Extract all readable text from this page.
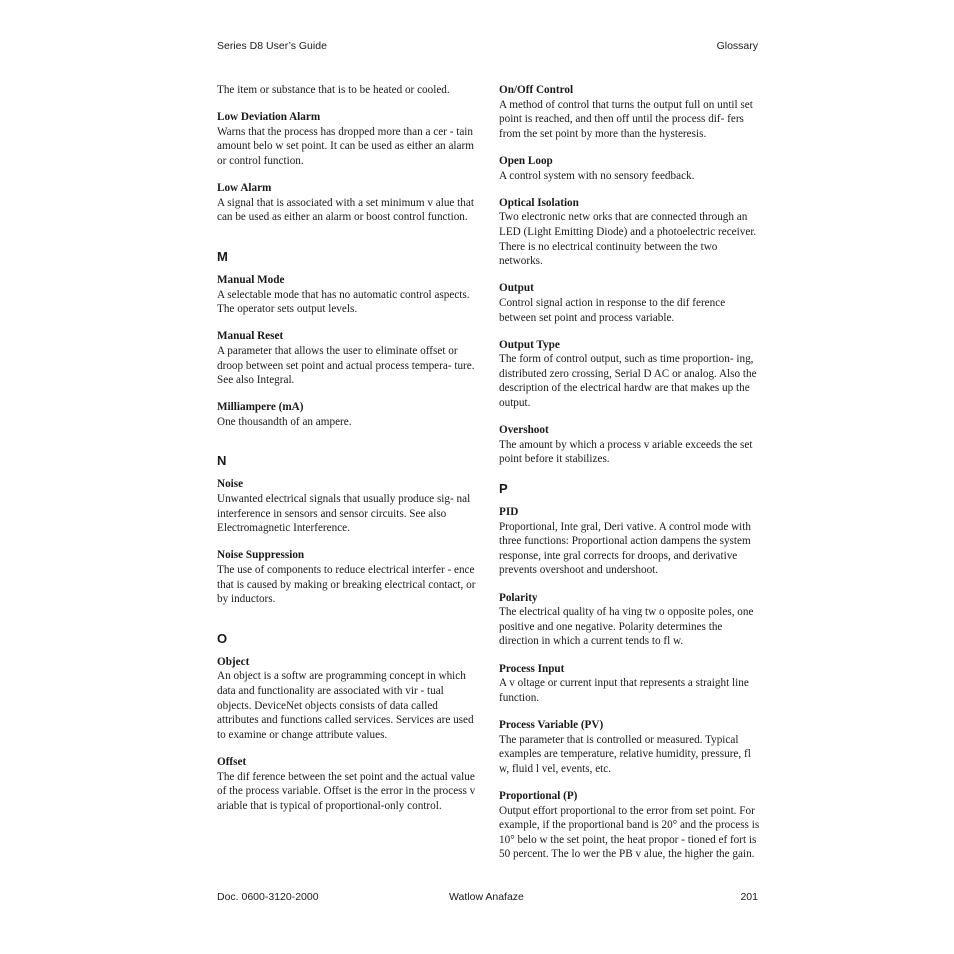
Series D8 User’s Guide	Glossary
The item or substance that is to be heated or cooled.
Low Deviation Alarm
Warns that the process has dropped more than a cer - tain amount belo w set point. It can be used as either an alarm or control function.
Low Alarm
A signal that is associated with a set minimum v alue that can be used as either an alarm or boost control function.
M
Manual Mode
A selectable mode that has no automatic control aspects. The operator sets output levels.
Manual Reset
A parameter that allows the user to eliminate offset or droop between set point and actual process tempera- ture. See also Integral.
Milliampere (mA)
One thousandth of an ampere.
N
Noise
Unwanted electrical signals that usually produce sig- nal interference in sensors and sensor circuits. See also Electromagnetic Interference.
Noise Suppression
The use of components to reduce electrical interfer - ence that is caused by making or breaking electrical contact, or by inductors.
O
Object
An object is a softw are programming concept in which data and functionality are associated with vir - tual objects. DeviceNet objects consists of data called attributes and functions called services. Services are used to examine or change attribute values.
Offset
The dif ference between the set point and the actual value of the process variable. Offset is the error in the process v ariable that is typical of proportional-only control.
On/Off Control
A method of control that turns the output full on until set point is reached, and then off until the process dif- fers from the set point by more than the hysteresis.
Open Loop
A control system with no sensory feedback.
Optical Isolation
Two electronic netw orks that are connected through an LED (Light Emitting Diode) and a photoelectric receiver. There is no electrical continuity between the two networks.
Output
Control signal action in response to the dif ference between set point and process variable.
Output Type
The form of control output, such as time proportion- ing, distributed zero crossing, Serial D AC or analog. Also the description of the electrical hardw are that makes up the output.
Overshoot
The amount by which a process v ariable exceeds the set point before it stabilizes.
P
PID
Proportional, Inte gral, Deri vative. A control mode with three functions: Proportional action dampens the system response, inte gral corrects for droops, and derivative prevents overshoot and undershoot.
Polarity
The electrical quality of ha ving tw o opposite poles, one positive and one negative. Polarity determines the direction in which a current tends to fl w.
Process Input
A v oltage or current input that represents a straight line function.
Process Variable (PV)
The parameter that is controlled or measured. Typical examples are temperature, relative humidity, pressure, fl w, fluid l vel, events, etc.
Proportional (P)
Output effort proportional to the error from set point. For example, if the proportional band is 20° and the process is 10° belo w the set point, the heat propor - tioned ef fort is 50 percent. The lo wer the PB v alue, the higher the gain.
Doc. 0600-3120-2000	Watlow Anafaze	201
